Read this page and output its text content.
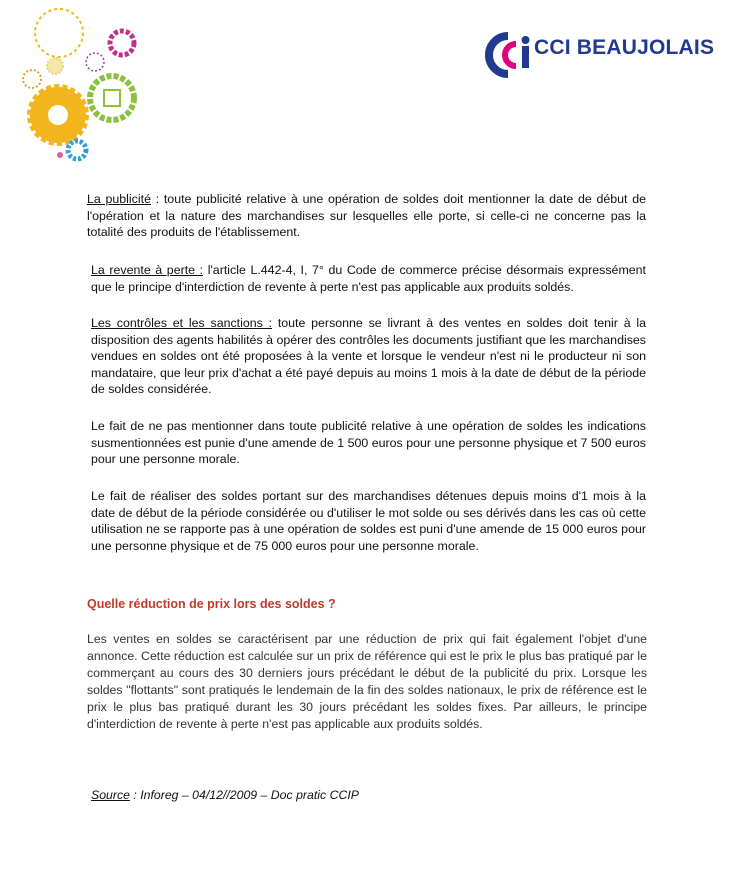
CCI BEAUJOLAIS

La publicité : toute publicité relative à une opération de soldes doit mentionner la date de début de l'opération et la nature des marchandises sur lesquelles elle porte, si celle-ci ne concerne pas la totalité des produits de l'établissement.

La revente à perte : l'article L.442-4, I, 7° du Code de commerce précise désormais expressément que le principe d'interdiction de revente à perte n'est pas applicable aux produits soldés.

Les contrôles et les sanctions : toute personne se livrant à des ventes en soldes doit tenir à la disposition des agents habilités à opérer des contrôles les documents justifiant que les marchandises vendues en soldes ont été proposées à la vente et lorsque le vendeur n'est ni le producteur ni son mandataire, que leur prix d'achat a été payé depuis au moins 1 mois à la date de début de la période de soldes considérée.

Le fait de ne pas mentionner dans toute publicité relative à une opération de soldes les indications susmentionnées est punie d'une amende de 1 500 euros pour une personne physique et 7 500 euros pour une personne morale.

Le fait de réaliser des soldes portant sur des marchandises détenues depuis moins d'1 mois à la date de début de la période considérée ou d'utiliser le mot solde ou ses dérivés dans les cas où cette utilisation ne se rapporte pas à une opération de soldes est puni d'une amende de 15 000 euros pour une personne physique et de 75 000 euros pour une personne morale.

Quelle réduction de prix lors des soldes ?

Les ventes en soldes se caractérisent par une réduction de prix qui fait également l'objet d'une annonce. Cette réduction est calculée sur un prix de référence qui est le prix le plus bas pratiqué par le commerçant au cours des 30 derniers jours précédant le début de la publicité du prix. Lorsque les soldes "flottants" sont pratiqués le lendemain de la fin des soldes nationaux, le prix de référence est le prix le plus bas pratiqué durant les 30 jours précédant les soldes fixes. Par ailleurs, le principe d'interdiction de revente à perte n'est pas applicable aux produits soldés.

Source : Inforeg – 04/12//2009 – Doc pratic CCIP
